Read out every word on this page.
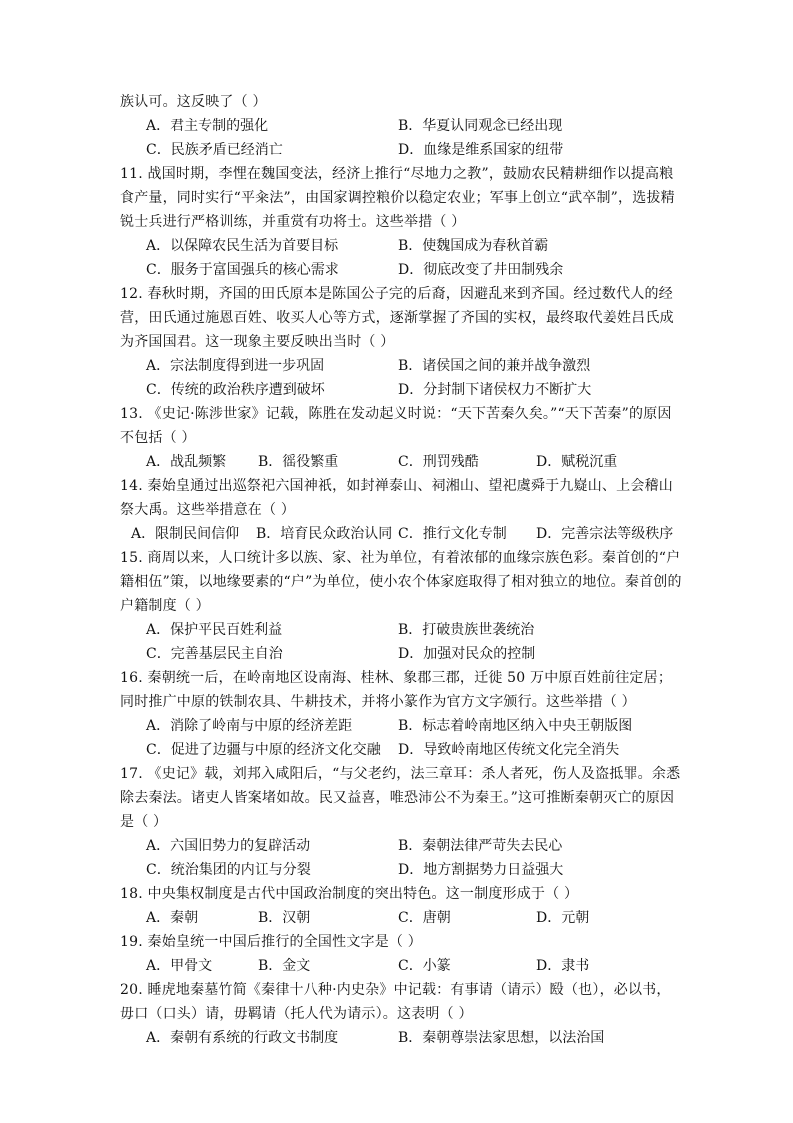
族认可。这反映了（ ）
A．君主专制的强化	B．华夏认同观念已经出现
C．民族矛盾已经消亡	D．血缘是维系国家的纽带
11. 战国时期，李悝在魏国变法，经济上推行“尽地力之教”，鼓励农民精耕细作以提高粮
食产量，同时实行“平籴法”，由国家调控粮价以稳定农业；军事上创立“武卒制”，选拔精
锐士兵进行严格训练，并重赏有功将士。这些举措（ ）
A．以保障农民生活为首要目标	B．使魏国成为春秋首霸
C．服务于富国强兵的核心需求	D．彻底改变了井田制残余
12. 春秋时期，齐国的田氏原本是陈国公子完的后裔，因避乱来到齐国。经过数代人的经
营，田氏通过施恩百姓、收买人心等方式，逐渐掌握了齐国的实权，最终取代姜姓吕氏成
为齐国国君。这一现象主要反映出当时（ ）
A．宗法制度得到进一步巩固	B．诸侯国之间的兼并战争激烈
C．传统的政治秩序遭到破坏	D．分封制下诸侯权力不断扩大
13. 《史记·陈涉世家》记载，陈胜在发动起义时说：“天下苦秦久矣。”“天下苦秦”的原因
不包括（ ）
A．战乱频繁 B．徭役繁重	C．刑罚残酷	D．赋税沉重
14. 秦始皇通过出巡祭祀六国神祇，如封禅泰山、祠湘山、望祀虞舜于九嶷山、上会稽山
祭大禹。这些举措意在（ ）
A．限制民间信仰 B．培育民众政治认同 C．推行文化专制 D．完善宗法等级秩序
15. 商周以来，人口统计多以族、家、社为单位，有着浓郁的血缘宗族色彩。秦首创的“户
籍相伍”策，以地缘要素的“户”为单位，使小农个体家庭取得了相对独立的地位。秦首创的
户籍制度（ ）
A．保护平民百姓利益	B．打破贵族世袭统治
C．完善基层民主自治	D．加强对民众的控制
16. 秦朝统一后，在岭南地区设南海、桂林、象郡三郡，迁徙 50 万中原百姓前往定居；
同时推广中原的铁制农具、牛耕技术，并将小篆作为官方文字颁行。这些举措（ ）
A．消除了岭南与中原的经济差距	B．标志着岭南地区纳入中央王朝版图
C．促进了边疆与中原的经济文化交融 D．导致岭南地区传统文化完全消失
17. 《史记》载，刘邦入咸阳后，“与父老约，法三章耳：杀人者死，伤人及盗抵罪。余悉
除去秦法。诸吏人皆案堵如故。民又益喜，唯恐沛公不为秦王。”这可推断秦朝灭亡的原因
是（ ）
A．六国旧势力的复辟活动	B．秦朝法律严苛失去民心
C．统治集团的内讧与分裂	D．地方割据势力日益强大
18. 中央集权制度是古代中国政治制度的突出特色。这一制度形成于（ ）
A．秦朝	B．汉朝	C．唐朝	D．元朝
19. 秦始皇统一中国后推行的全国性文字是（ ）
A．甲骨文	B．金文	C．小篆	D．隶书
20. 睡虎地秦墓竹简《秦律十八种·内史杂》中记载：有事请（请示）殹（也），必以书，
毋口（口头）请，毋羁请（托人代为请示）。这表明（ ）
A．秦朝有系统的行政文书制度	B．秦朝尊崇法家思想，以法治国
